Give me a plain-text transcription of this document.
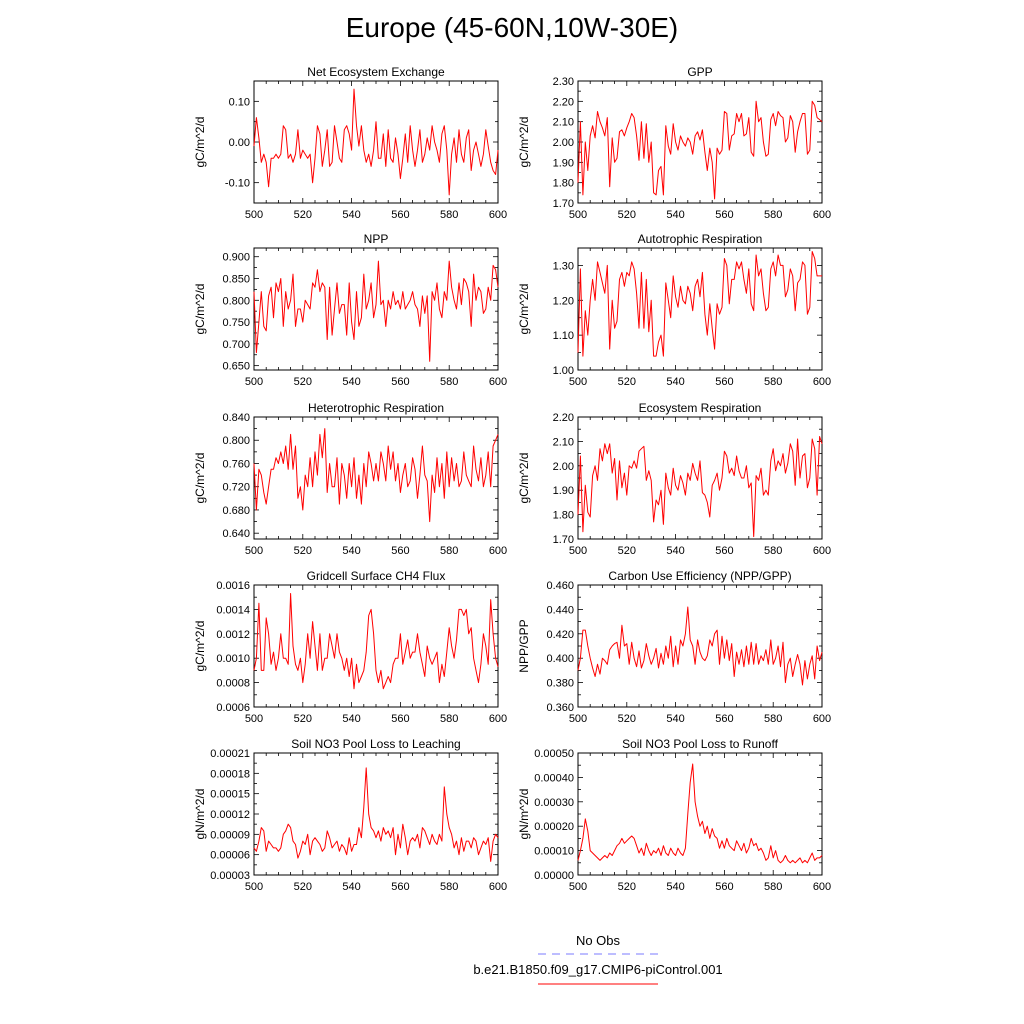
Europe (45-60N,10W-30E)
500	520	540	560	580	600
-0.10
0.00
0.10
Net Ecosystem Exchange
gC/m^2/d
500	520	540	560	580	600
1.70
1.80
1.90
2.00
2.10
2.20
2.30
GPP
gC/m^2/d
500	520	540	560	580	600
0.650
0.700
0.750
0.800
0.850
0.900
NPP
gC/m^2/d
500	520	540	560	580	600
1.00
1.10
1.20
1.30
Autotrophic Respiration
gC/m^2/d
500	520	540	560	580	600
0.640
0.680
0.720
0.760
0.800
0.840
Heterotrophic Respiration
gC/m^2/d
500	520	540	560	580	600
1.70
1.80
1.90
2.00
2.10
2.20
Ecosystem Respiration
gC/m^2/d
500	520	540	560	580	600
0.0006
0.0008
0.0010
0.0012
0.0014
0.0016
Gridcell Surface CH4 Flux
gC/m^2/d
500	520	540	560	580	600
0.360
0.380
0.400
0.420
0.440
0.460
Carbon Use Efficiency (NPP/GPP)
NPP/GPP
500	520	540	560	580	600
0.00003
0.00006
0.00009
0.00012
0.00015
0.00018
0.00021
Soil NO3 Pool Loss to Leaching
gN/m^2/d
500	520	540	560	580	600
0.00000
0.00010
0.00020
0.00030
0.00040
0.00050
Soil NO3 Pool Loss to Runoff
gN/m^2/d
No Obs
b.e21.B1850.f09_g17.CMIP6-piControl.001
